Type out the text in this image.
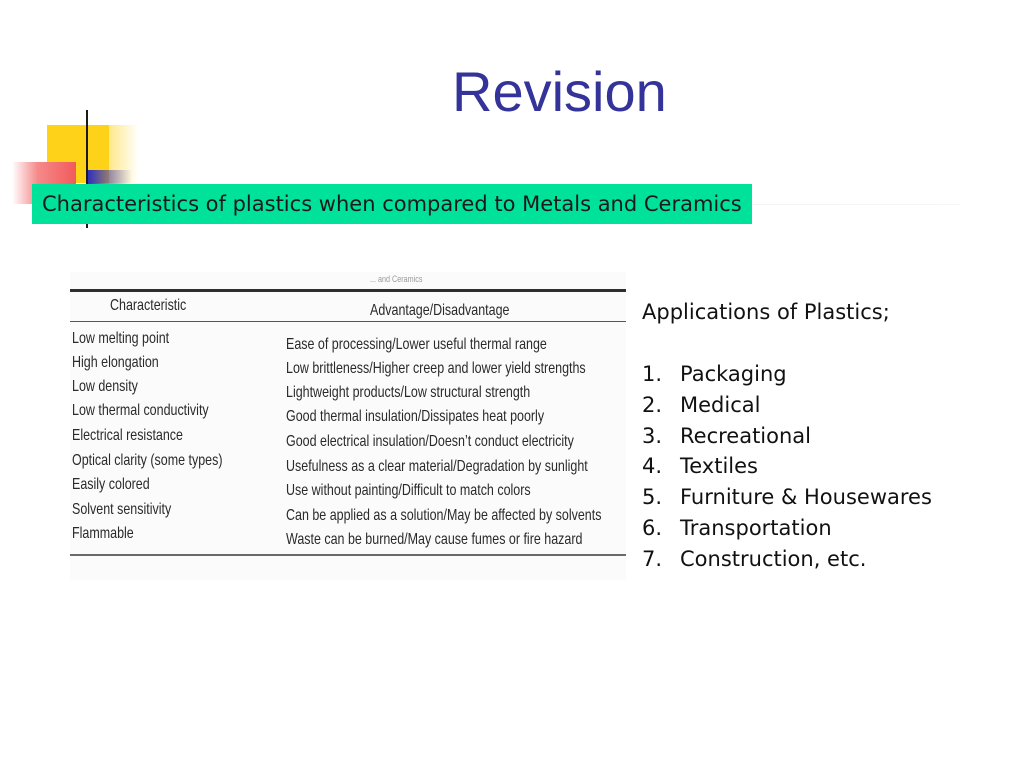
Revision
Characteristics of plastics when compared to Metals and Ceramics
... and Ceramics
Characteristic	Advantage/Disadvantage
Low melting point	Ease of processing/Lower useful thermal range
High elongation	Low brittleness/Higher creep and lower yield strengths
Low density	Lightweight products/Low structural strength
Low thermal conductivity	Good thermal insulation/Dissipates heat poorly
Electrical resistance	Good electrical insulation/Doesn’t conduct electricity
Optical clarity (some types)	Usefulness as a clear material/Degradation by sunlight
Easily colored	Use without painting/Difficult to match colors
Solvent sensitivity	Can be applied as a solution/May be affected by solvents
Flammable	Waste can be burned/May cause fumes or fire hazard
Applications of Plastics;
1. Packaging
2. Medical
3. Recreational
4. Textiles
5. Furniture & Housewares
6. Transportation
7. Construction, etc.
